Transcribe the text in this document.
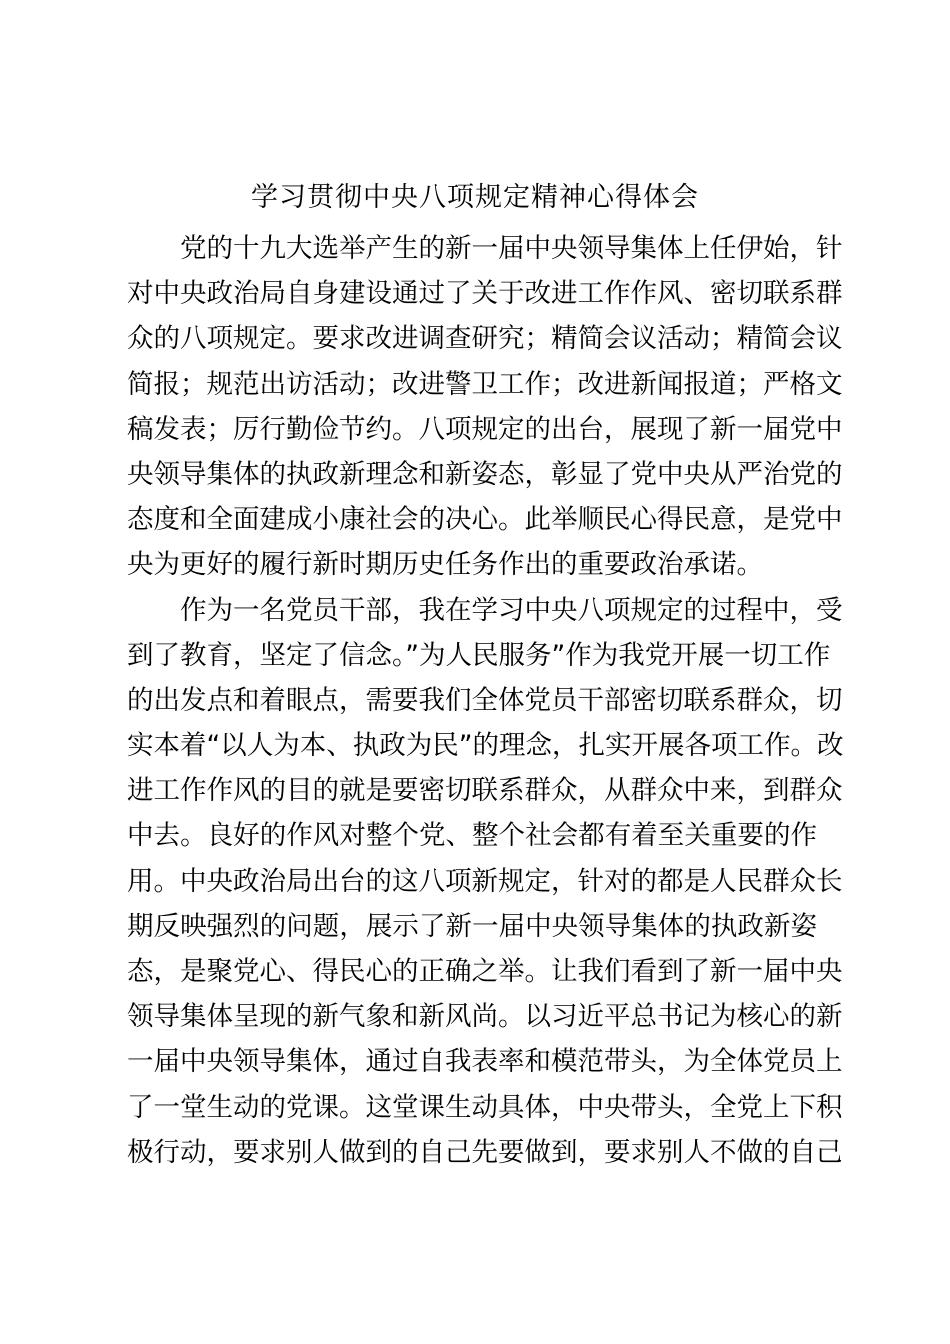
学习贯彻中央八项规定精神心得体会
党的十九大选举产生的新一届中央领导集体上任伊始，针
对中央政治局自身建设通过了关于改进工作作风、密切联系群
众的八项规定。要求改进调查研究；精简会议活动；精简会议
简报；规范出访活动；改进警卫工作；改进新闻报道；严格文
稿发表；厉行勤俭节约。八项规定的出台，展现了新一届党中
央领导集体的执政新理念和新姿态，彰显了党中央从严治党的
态度和全面建成小康社会的决心。此举顺民心得民意，是党中
央为更好的履行新时期历史任务作出的重要政治承诺。
作为一名党员干部，我在学习中央八项规定的过程中，受
到了教育，坚定了信念。”为人民服务”作为我党开展一切工作
的出发点和着眼点，需要我们全体党员干部密切联系群众，切
实本着“以人为本、执政为民”的理念，扎实开展各项工作。改
进工作作风的目的就是要密切联系群众，从群众中来，到群众
中去。良好的作风对整个党、整个社会都有着至关重要的作
用。中央政治局出台的这八项新规定，针对的都是人民群众长
期反映强烈的问题，展示了新一届中央领导集体的执政新姿
态，是聚党心、得民心的正确之举。让我们看到了新一届中央
领导集体呈现的新气象和新风尚。以习近平总书记为核心的新
一届中央领导集体，通过自我表率和模范带头，为全体党员上
了一堂生动的党课。这堂课生动具体，中央带头，全党上下积
极行动，要求别人做到的自己先要做到，要求别人不做的自己
